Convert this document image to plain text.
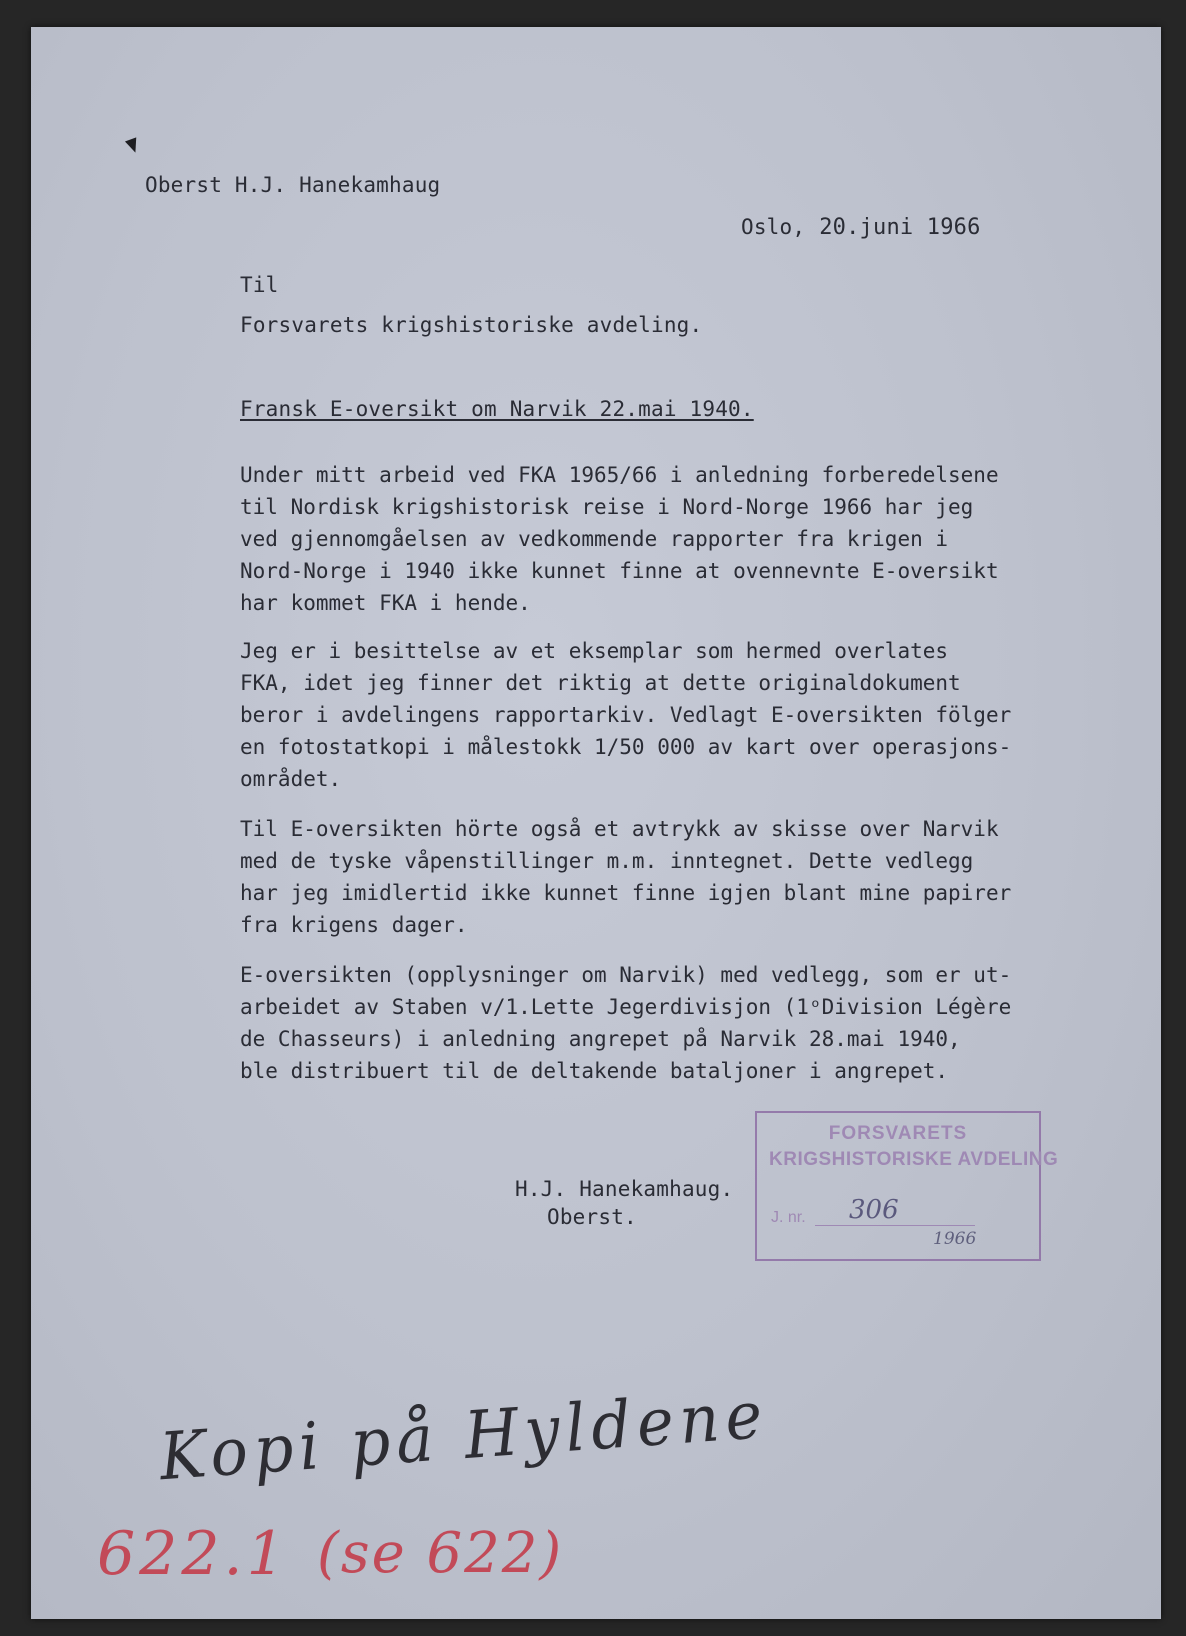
Oberst H.J. Hanekamhaug
Oslo, 20.juni 1966
Til
Forsvarets krigshistoriske avdeling.
Fransk E-oversikt om Narvik 22.mai 1940.
Under mitt arbeid ved FKA 1965/66 i anledning forberedelsene
til Nordisk krigshistorisk reise i Nord-Norge 1966 har jeg
ved gjennomgåelsen av vedkommende rapporter fra krigen i
Nord-Norge i 1940 ikke kunnet finne at ovennevnte E-oversikt
har kommet FKA i hende.
Jeg er i besittelse av et eksemplar som hermed overlates
FKA, idet jeg finner det riktig at dette originaldokument
beror i avdelingens rapportarkiv. Vedlagt E-oversikten fölger
en fotostatkopi i målestokk 1/50 000 av kart over operasjons-
området.
Til E-oversikten hörte også et avtrykk av skisse over Narvik
med de tyske våpenstillinger m.m. inntegnet. Dette vedlegg
har jeg imidlertid ikke kunnet finne igjen blant mine papirer
fra krigens dager.
E-oversikten (opplysninger om Narvik) med vedlegg, som er ut-
arbeidet av Staben v/1.Lette Jegerdivisjon (1ᵒDivision Légère
de Chasseurs) i anledning angrepet på Narvik 28.mai 1940,
ble distribuert til de deltakende bataljoner i angrepet.
H.J. Hanekamhaug.
Oberst.
FORSVARETS
KRIGSHISTORISKE AVDELING
J. nr. 306
1966
Kopi på Hyldene
622.1 (se 622)
